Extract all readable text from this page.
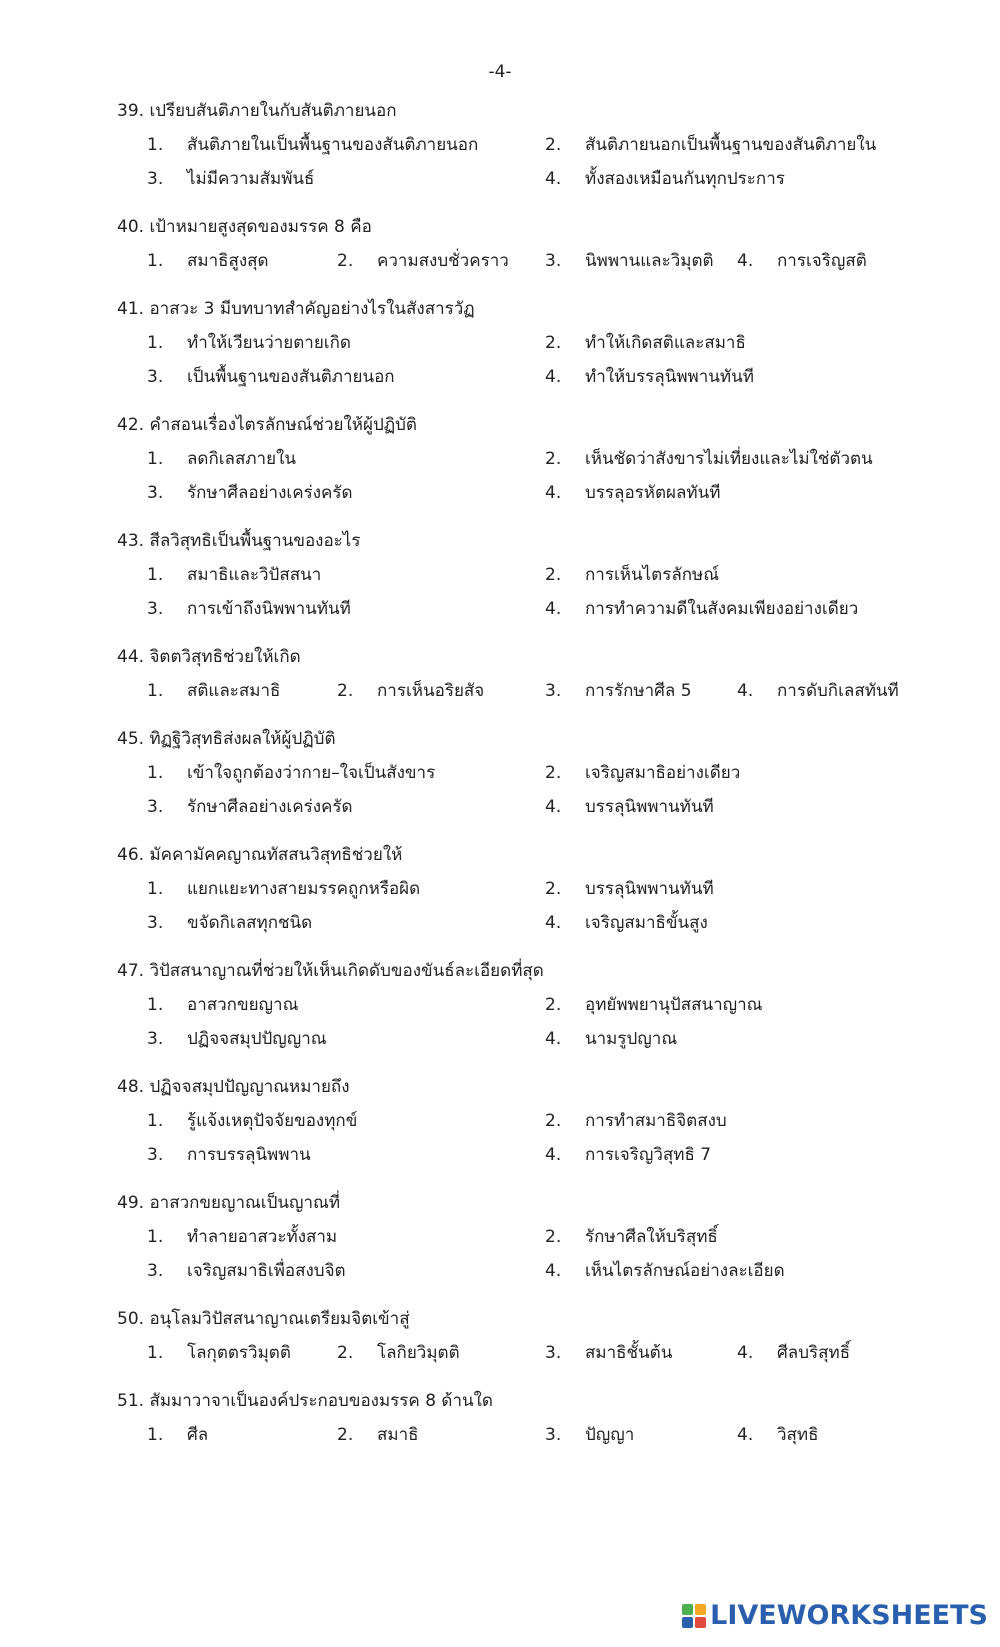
-4-
39. เปรียบสันติภายในกับสันติภายนอก
1. สันติภายในเป็นพื้นฐานของสันติภายนอก	2. สันติภายนอกเป็นพื้นฐานของสันติภายใน
3. ไม่มีความสัมพันธ์	4. ทั้งสองเหมือนกันทุกประการ
40. เป้าหมายสูงสุดของมรรค 8 คือ
1. สมาธิสูงสุด	2. ความสงบชั่วคราว 3. นิพพานและวิมุตติ 4. การเจริญสติ
41. อาสวะ 3 มีบทบาทสำคัญอย่างไรในสังสารวัฏ
1. ทำให้เวียนว่ายตายเกิด	2. ทำให้เกิดสติและสมาธิ
3. เป็นพื้นฐานของสันติภายนอก	4. ทำให้บรรลุนิพพานทันที
42. คำสอนเรื่องไตรลักษณ์ช่วยให้ผู้ปฏิบัติ
1. ลดกิเลสภายใน	2. เห็นชัดว่าสังขารไม่เที่ยงและไม่ใช่ตัวตน
3. รักษาศีลอย่างเคร่งครัด	4. บรรลุอรหัตผลทันที
43. สีลวิสุทธิเป็นพื้นฐานของอะไร
1. สมาธิและวิปัสสนา	2. การเห็นไตรลักษณ์
3. การเข้าถึงนิพพานทันที	4. การทำความดีในสังคมเพียงอย่างเดียว
44. จิตตวิสุทธิช่วยให้เกิด
1. สติและสมาธิ	2. การเห็นอริยสัจ	3. การรักษาศีล 5	4. การดับกิเลสทันที
45. ทิฏฐิวิสุทธิส่งผลให้ผู้ปฏิบัติ
1. เข้าใจถูกต้องว่ากาย–ใจเป็นสังขาร	2. เจริญสมาธิอย่างเดียว
3. รักษาศีลอย่างเคร่งครัด	4. บรรลุนิพพานทันที
46. มัคคามัคคญาณทัสสนวิสุทธิช่วยให้
1. แยกแยะทางสายมรรคถูกหรือผิด	2. บรรลุนิพพานทันที
3. ขจัดกิเลสทุกชนิด	4. เจริญสมาธิขั้นสูง
47. วิปัสสนาญาณที่ช่วยให้เห็นเกิดดับของขันธ์ละเอียดที่สุด
1. อาสวกขยญาณ	2. อุทยัพพยานุปัสสนาญาณ
3. ปฏิจจสมุปปัญญาณ	4. นามรูปญาณ
48. ปฏิจจสมุปปัญญาณหมายถึง
1. รู้แจ้งเหตุปัจจัยของทุกข์	2. การทำสมาธิจิตสงบ
3. การบรรลุนิพพาน	4. การเจริญวิสุทธิ 7
49. อาสวกขยญาณเป็นญาณที่
1. ทำลายอาสวะทั้งสาม	2. รักษาศีลให้บริสุทธิ์
3. เจริญสมาธิเพื่อสงบจิต	4. เห็นไตรลักษณ์อย่างละเอียด
50. อนุโลมวิปัสสนาญาณเตรียมจิตเข้าสู่
1. โลกุตตรวิมุตติ	2. โลกิยวิมุตติ	3. สมาธิชั้นต้น	4. ศีลบริสุทธิ์
51. สัมมาวาจาเป็นองค์ประกอบของมรรค 8 ด้านใด
1. ศีล	2. สมาธิ	3. ปัญญา	4. วิสุทธิ
LIVEWORKSHEETS
